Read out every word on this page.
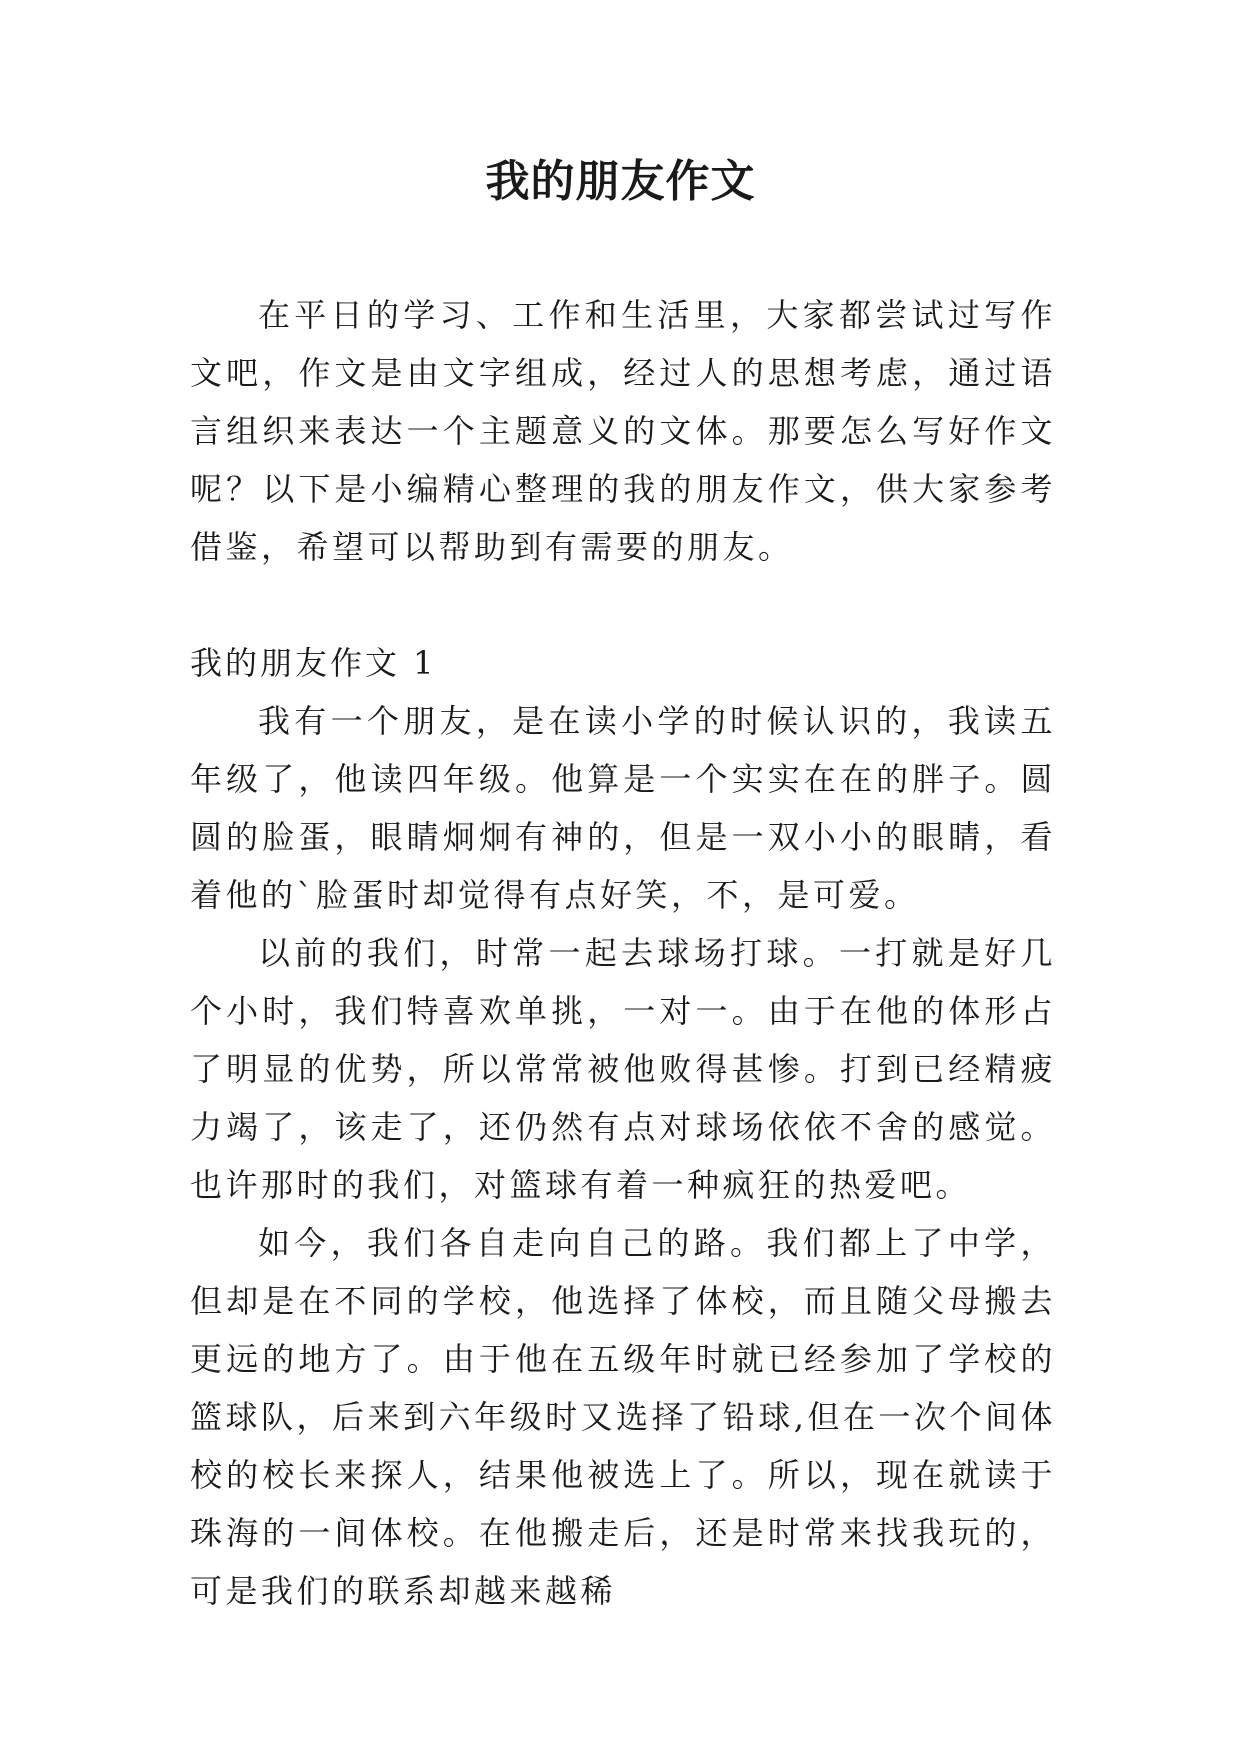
我的朋友作文

在平日的学习、工作和生活里，大家都尝试过写作文吧，作文是由文字组成，经过人的思想考虑，通过语言组织来表达一个主题意义的文体。那要怎么写好作文呢？以下是小编精心整理的我的朋友作文，供大家参考借鉴，希望可以帮助到有需要的朋友。

我的朋友作文 1

我有一个朋友，是在读小学的时候认识的，我读五年级了，他读四年级。他算是一个实实在在的胖子。圆圆的脸蛋，眼睛炯炯有神的，但是一双小小的眼睛，看着他的`脸蛋时却觉得有点好笑，不，是可爱。

以前的我们，时常一起去球场打球。一打就是好几个小时，我们特喜欢单挑，一对一。由于在他的体形占了明显的优势，所以常常被他败得甚惨。打到已经精疲力竭了，该走了，还仍然有点对球场依依不舍的感觉。也许那时的我们，对篮球有着一种疯狂的热爱吧。

如今，我们各自走向自己的路。我们都上了中学，但却是在不同的学校，他选择了体校，而且随父母搬去更远的地方了。由于他在五级年时就已经参加了学校的篮球队，后来到六年级时又选择了铅球,但在一次个间体校的校长来探人，结果他被选上了。所以，现在就读于珠海的一间体校。在他搬走后，还是时常来找我玩的，可是我们的联系却越来越稀
